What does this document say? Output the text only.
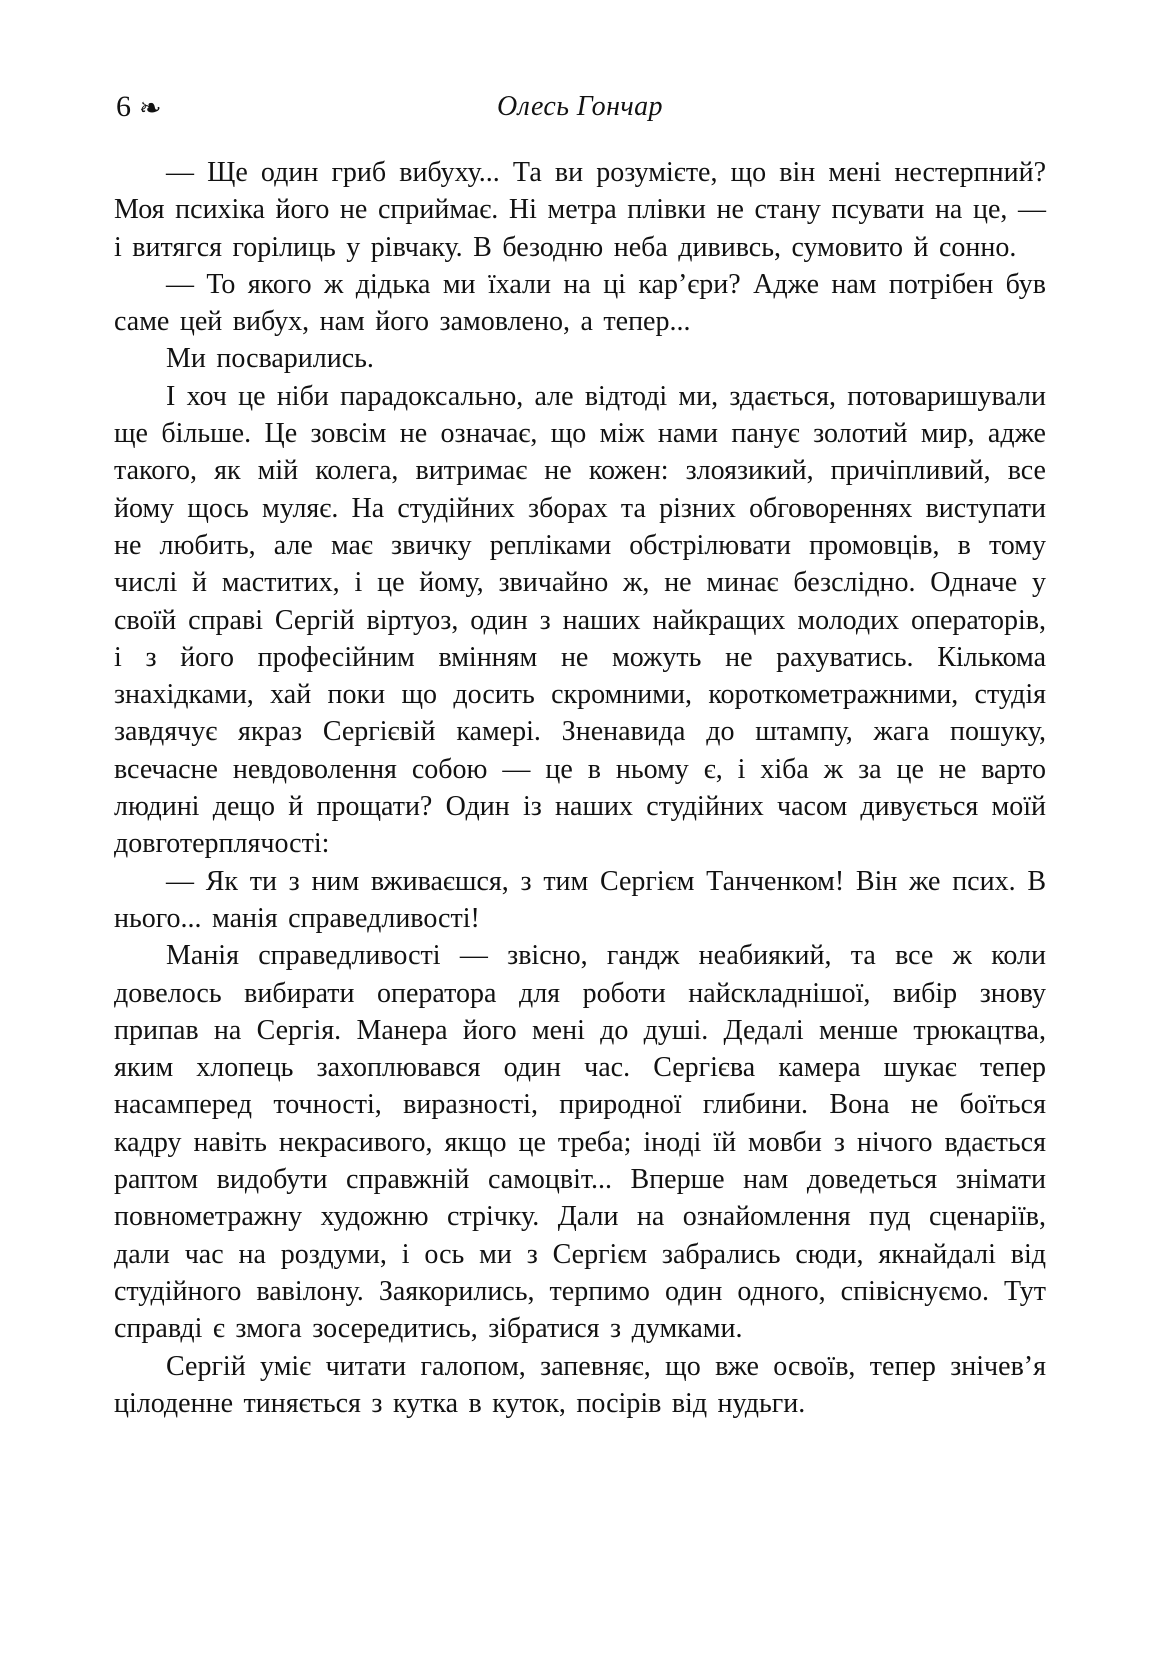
6 ❧	Олесь Гончар

— Ще один гриб вибуху... Та ви розумієте, що він мені нестерпний? Моя психіка його не сприймає. Ні метра плівки не стану псувати на це, — і витягся горілиць у рівчаку. В безодню неба дививсь, сумовито й сонно.

— То якого ж дідька ми їхали на ці кар’єри? Адже нам потрібен був саме цей вибух, нам його замовлено, а тепер...

Ми посварились.

І хоч це ніби парадоксально, але відтоді ми, здається, потоваришували ще більше. Це зовсім не означає, що між нами панує золотий мир, адже такого, як мій колега, витримає не кожен: злоязикий, причіпливий, все йому щось муляє. На студійних зборах та різних обговореннях виступати не любить, але має звичку репліками обстрілювати промовців, в тому числі й маститих, і це йому, звичайно ж, не минає безслідно. Одначе у своїй справі Сергій віртуоз, один з наших найкращих молодих операторів, і з його професійним вмінням не можуть не рахуватись. Кількома знахідками, хай поки що досить скромними, короткометражними, студія завдячує якраз Сергієвій камері. Зненавида до штампу, жага пошуку, всечасне невдоволення собою — це в ньому є, і хіба ж за це не варто людині дещо й прощати? Один із наших студійних часом дивується моїй довготерплячості:

— Як ти з ним вживаєшся, з тим Сергієм Танченком! Він же псих. В нього... манія справедливості!

Манія справедливості — звісно, гандж неабиякий, та все ж коли довелось вибирати оператора для роботи найскладнішої, вибір знову припав на Сергія. Манера його мені до душі. Дедалі менше трюкацтва, яким хлопець захоплювався один час. Сергієва камера шукає тепер насамперед точності, виразності, природної глибини. Вона не боїться кадру навіть некрасивого, якщо це треба; іноді їй мовби з нічого вдається раптом видобути справжній самоцвіт... Вперше нам доведеться знімати повнометражну художню стрічку. Дали на ознайомлення пуд сценаріїв, дали час на роздуми, і ось ми з Сергієм забрались сюди, якнайдалі від студійного вавілону. Заякорились, терпимо один одного, співіснуємо. Тут справді є змога зосередитись, зібратися з думками.

Сергій уміє читати галопом, запевняє, що вже освоїв, тепер знічев’я цілоденне тиняється з кутка в куток, посірів від нудьги.
